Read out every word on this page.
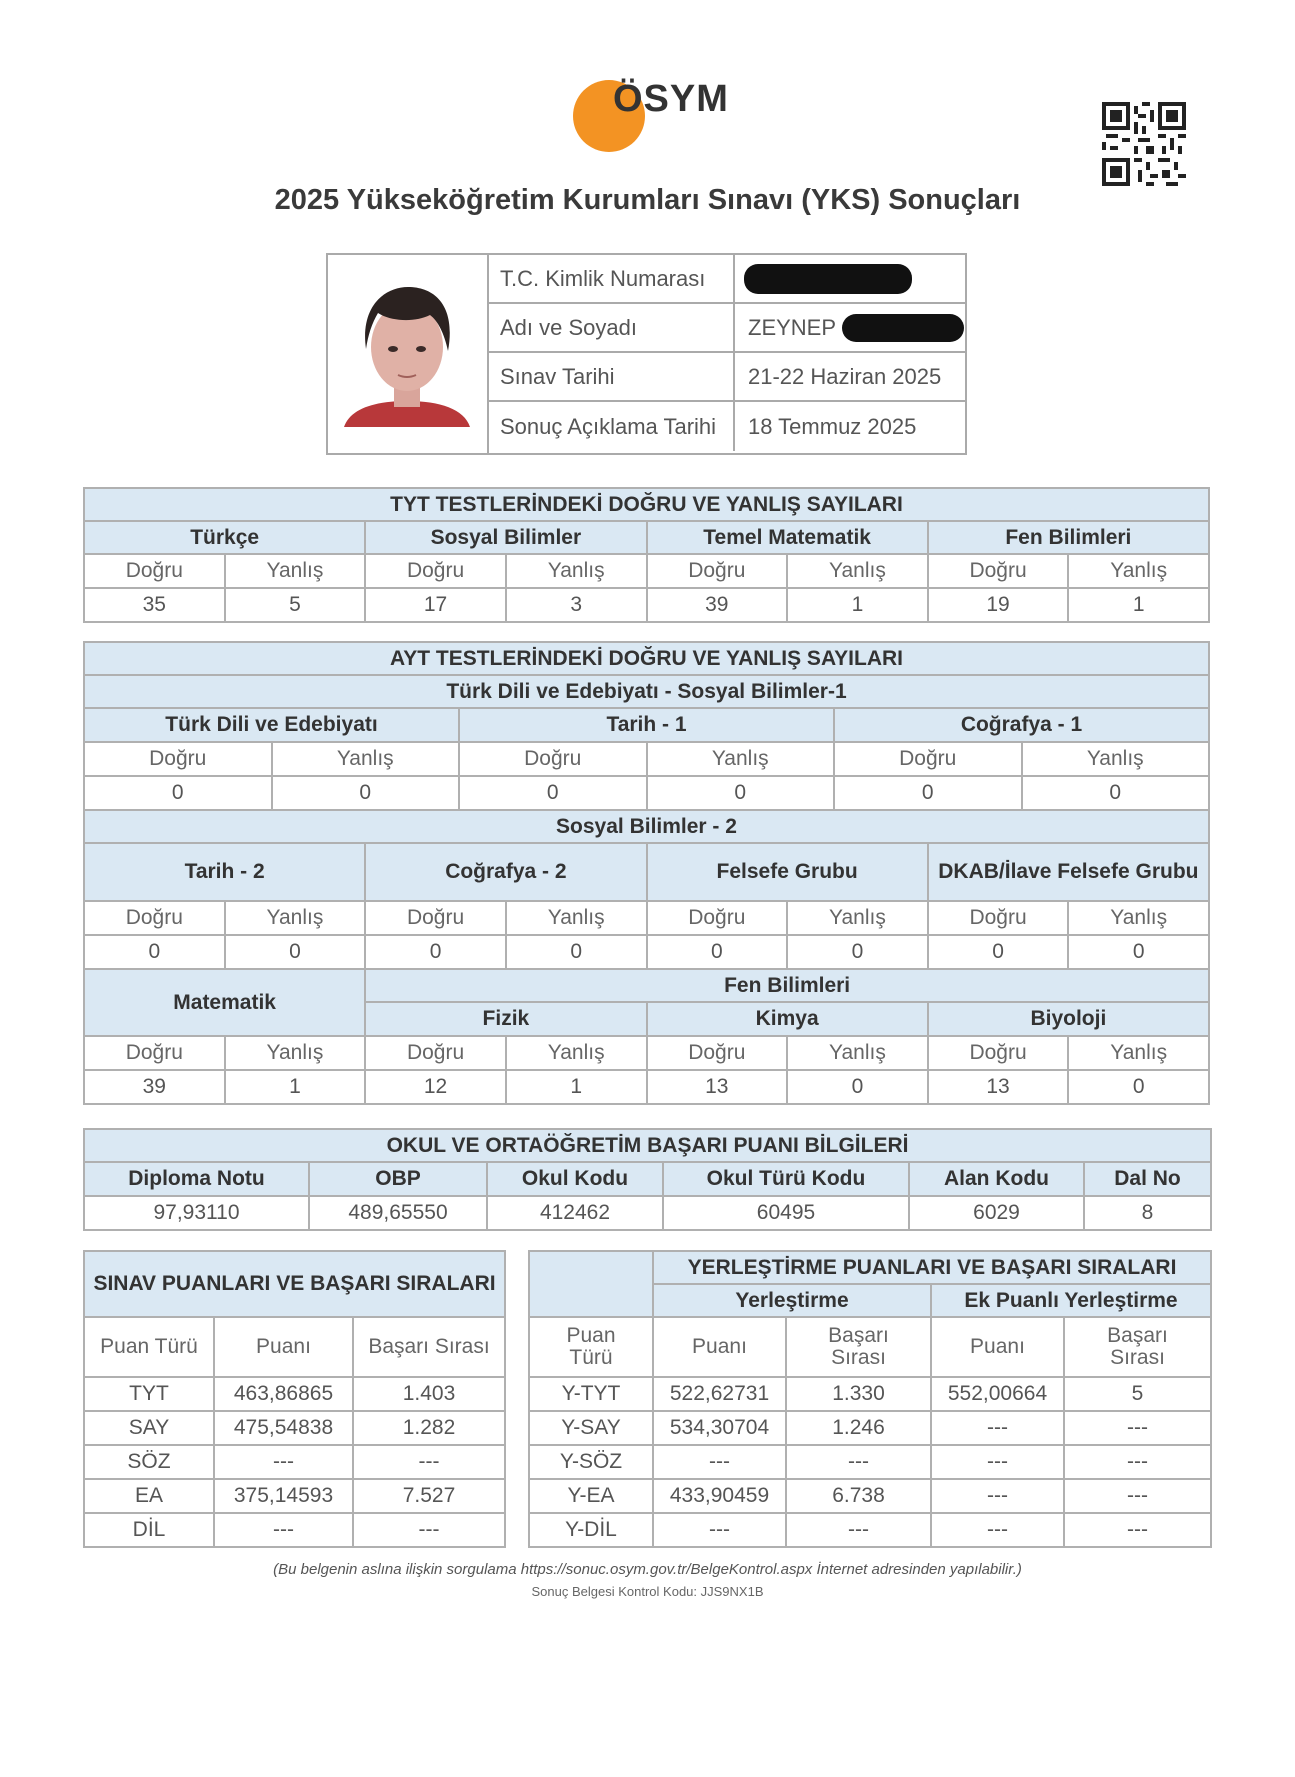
ÖSYM
2025 Yükseköğretim Kurumları Sınavı (YKS) Sonuçları
T.C. Kimlik Numarası
Adı ve Soyadı	ZEYNEP
Sınav Tarihi	21-22 Haziran 2025
Sonuç Açıklama Tarihi	18 Temmuz 2025
TYT TESTLERİNDEKİ DOĞRU VE YANLIŞ SAYILARI							
Türkçe		Sosyal Bilimler		Temel Matematik		Fen Bilimleri	
Doğru	Yanlış	Doğru	Yanlış	Doğru	Yanlış	Doğru	Yanlış
35	5	17	3	39	1	19	1
AYT TESTLERİNDEKİ DOĞRU VE YANLIŞ SAYILARI											
Türk Dili ve Edebiyatı - Sosyal Bilimler-1											
Türk Dili ve Edebiyatı				Tarih - 1				Coğrafya - 1			
Doğru		Yanlış		Doğru		Yanlış		Doğru		Yanlış	
0		0		0		0		0		0	
Sosyal Bilimler - 2											
Tarih - 2			Coğrafya - 2			Felsefe Grubu			DKAB/İlave Felsefe Grubu		
Doğru	Yanlış		Doğru		Yanlış	Doğru	Yanlış		Doğru		Yanlış
0	0		0		0	0	0		0		0
Matematik			Fen Bilimleri								
			Fizik			Kimya			Biyoloji		
Doğru	Yanlış		Doğru		Yanlış	Doğru	Yanlış		Doğru		Yanlış
39	1		12		1	13	0		13		0
OKUL VE ORTAÖĞRETİM BAŞARI PUANI BİLGİLERİ					
Diploma Notu	OBP	Okul Kodu	Okul Türü Kodu	Alan Kodu	Dal No
97,93110	489,65550	412462	60495	6029	8
SINAV PUANLARI VE BAŞARI SIRALARI		
Puan Türü	Puanı	Başarı Sırası
TYT	463,86865	1.403
SAY	475,54838	1.282
SÖZ	---	---
EA	375,14593	7.527
DİL	---	---
	YERLEŞTİRME PUANLARI VE BAŞARI SIRALARI			
	Yerleştirme		Ek Puanlı Yerleştirme	
Puan Türü	Puanı	Başarı Sırası	Puanı	Başarı Sırası
Y-TYT	522,62731	1.330	552,00664	5
Y-SAY	534,30704	1.246	---	---
Y-SÖZ	---	---	---	---
Y-EA	433,90459	6.738	---	---
Y-DİL	---	---	---	---
(Bu belgenin aslına ilişkin sorgulama https://sonuc.osym.gov.tr/BelgeKontrol.aspx İnternet adresinden yapılabilir.)
Sonuç Belgesi Kontrol Kodu: JJS9NX1B
